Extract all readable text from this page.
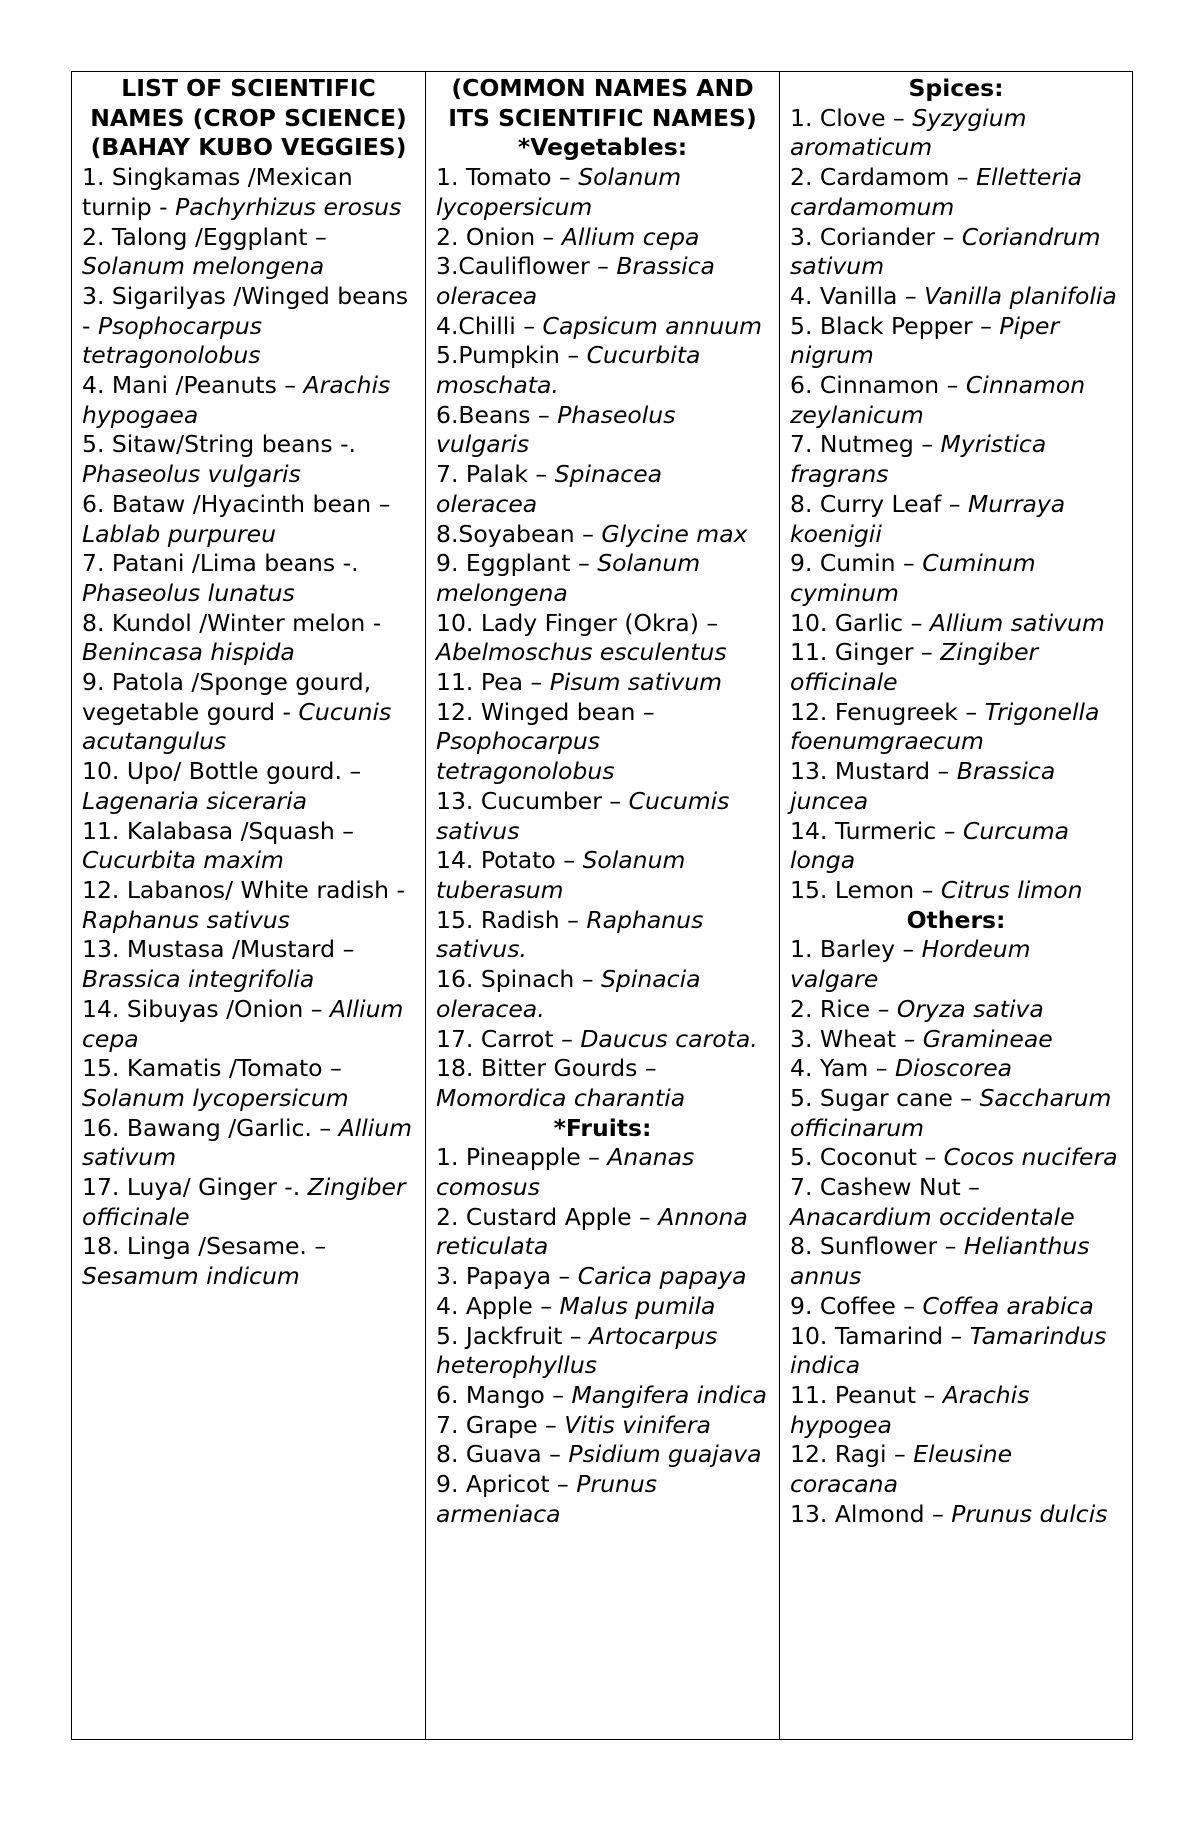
LIST OF SCIENTIFIC NAMES (CROP SCIENCE) (BAHAY KUBO VEGGIES)

1. Singkamas /Mexican turnip - Pachyrhizus erosus

2. Talong /Eggplant – Solanum melongena

3. Sigarilyas /Winged beans - Psophocarpus tetragonolobus

4. Mani /Peanuts – Arachis hypogaea

5. Sitaw/String beans -. Phaseolus vulgaris

6. Bataw /Hyacinth bean – Lablab purpureu

7. Patani /Lima beans -. Phaseolus lunatus

8. Kundol /Winter melon - Benincasa hispida

9. Patola /Sponge gourd, vegetable gourd - Cucunis acutangulus

10. Upo/ Bottle gourd. – Lagenaria siceraria

11. Kalabasa /Squash – Cucurbita maxim

12. Labanos/ White radish - Raphanus sativus

13. Mustasa /Mustard – Brassica integrifolia

14. Sibuyas /Onion – Allium cepa

15. Kamatis /Tomato – Solanum lycopersicum

16. Bawang /Garlic. – Allium sativum

17. Luya/ Ginger -. Zingiber officinale

18. Linga /Sesame. – Sesamum indicum

(COMMON NAMES AND ITS SCIENTIFIC NAMES)

*Vegetables:

1. Tomato – Solanum lycopersicum

2. Onion – Allium cepa

3.Cauliflower – Brassica oleracea

4.Chilli – Capsicum annuum

5.Pumpkin – Cucurbita moschata.

6.Beans – Phaseolus vulgaris

7. Palak – Spinacea oleracea

8.Soyabean – Glycine max

9. Eggplant – Solanum melongena

10. Lady Finger (Okra) – Abelmoschus esculentus

11. Pea – Pisum sativum

12. Winged bean – Psophocarpus tetragonolobus

13. Cucumber – Cucumis sativus

14. Potato – Solanum tuberasum

15. Radish – Raphanus sativus.

16. Spinach – Spinacia oleracea.

17. Carrot – Daucus carota.

18. Bitter Gourds – Momordica charantia

*Fruits:

1. Pineapple – Ananas comosus

2. Custard Apple – Annona reticulata

3. Papaya – Carica papaya

4. Apple – Malus pumila

5. Jackfruit – Artocarpus heterophyllus

6. Mango – Mangifera indica

7. Grape – Vitis vinifera

8. Guava – Psidium guajava

9. Apricot – Prunus armeniaca

Spices:

1. Clove – Syzygium aromaticum

2. Cardamom – Elletteria cardamomum

3. Coriander – Coriandrum sativum

4. Vanilla – Vanilla planifolia

5. Black Pepper – Piper nigrum

6. Cinnamon – Cinnamon zeylanicum

7. Nutmeg – Myristica fragrans

8. Curry Leaf – Murraya koenigii

9. Cumin – Cuminum cyminum

10. Garlic – Allium sativum

11. Ginger – Zingiber officinale

12. Fenugreek – Trigonella foenumgraecum

13. Mustard – Brassica juncea

14. Turmeric – Curcuma longa

15. Lemon – Citrus limon

Others:

1. Barley – Hordeum valgare

2. Rice – Oryza sativa

3. Wheat – Gramineae

4. Yam – Dioscorea

5. Sugar cane – Saccharum officinarum

5. Coconut – Cocos nucifera

7. Cashew Nut – Anacardium occidentale

8. Sunflower – Helianthus annus

9. Coffee – Coffea arabica

10. Tamarind – Tamarindus indica

11. Peanut – Arachis hypogea

12. Ragi – Eleusine coracana

13. Almond – Prunus dulcis
